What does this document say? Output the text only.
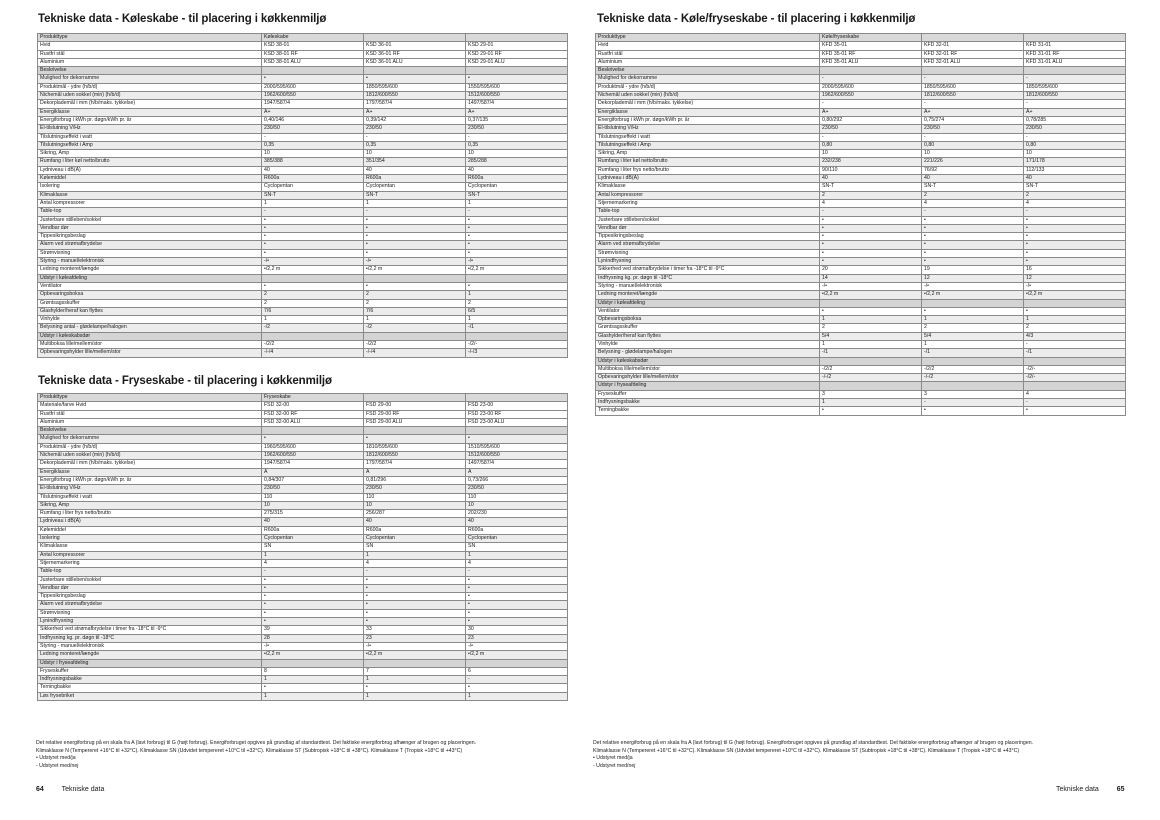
Tekniske data - Køleskabe - til placering i køkkenmiljø
Produkttype	Køleskabe		
Hvid	KSD 38-01	KSD 36-01	KSD 29-01
Rustfri stål	KSD 38-01 RF	KSD 36-01 RF	KSD 29-01 RF
Aluminium	KSD 38-01 ALU	KSD 36-01 ALU	KSD 29-01 ALU
Beskrivelse			
Mulighed for dekorramme	•	•	•
Produktmål - ydre (h/b/d)	2000/595/600	1850/595/600	1550/595/600
Nichemål uden sokkel (min) (h/b/d)	1962/600/550	1812/600/550	1512/600/550
Dekorplademål i mm (h/b/maks. tykkelse)	1947/587/4	1797/587/4	1497/587/4
Energiklasse	A+	A+	A+
Energiforbrug i kWh pr. døgn/kWh pr. år	0,40/146	0,39/142	0,37/135
El-tilslutning V/Hz	230/50	230/50	230/50
Tilslutningseffekt i watt	-	-	-
Tilslutningseffekt i Amp	0,35	0,35	0,35
Sikring, Amp	10	10	10
Rumfang i liter køl netto/brutto	385/388	351/354	285/288
Lydniveau i dB(A)	40	40	40
Kølemiddel	R600a	R600a	R600a
Isolering	Cyclopentan	Cyclopentan	Cyclopentan
Klimaklasse	SN-T	SN-T	SN-T
Antal kompressorer	1	1	1
Table-top	-	-	-
Justerbare stilleben/sokkel	•	•	•
Vendbar dør	•	•	•
Tippesikringsbeslag	•	•	•
Alarm ved strømafbrydelse	•	•	•
Strømvisning	•	•	•
Styring - manuel/elektronisk	-/•	-/•	-/•
Ledning monteret/længde	•/2,2 m	•/2,2 m	•/2,2 m
Udstyr i køleafdeling			
Ventilator	•	•	•
Opbevaringsboksa	2	2	1
Grøntsagsskuffer	2	2	2
Glashylder/heraf kan flyttes	7/6	7/6	6/5
Vinhylde	1	1	1
Belysning antal - glødelampe/halogen	-/2	-/2	-/1
Udstyr i køleskabsdør			
Multiboksa lille/mellem/stor	-/2/2	-/2/2	-/2/-
Opbevaringshylder lille/mellem/stor	-/-/4	-/-/4	-/-/3
Tekniske data - Fryseskabe - til placering i køkkenmiljø
Produkttype	Fryseskabe		
Materiale/farve Hvid	FSD 32-00	FSD 29-00	FSD 23-00
Rustfri stål	FSD 32-00 RF	FSD 29-00 RF	FSD 23-00 RF
Aluminium	FSD 32-00 ALU	FSD 29-00 ALU	FSD 23-00 ALU
Beskrivelse			
Mulighed for dekorramme	•	•	•
Produktmål - ydre (h/b/d)	1960/595/600	1810/595/600	1510/595/600
Nichemål uden sokkel (min) (h/b/d)	1962/600/550	1812/600/550	1512/600/550
Dekorplademål i mm (h/b/maks. tykkelse)	1947/587/4	1797/587/4	1497/587/4
Energiklasse	A	A	A
Energiforbrug i kWh pr. døgn/kWh pr. år	0,84/307	0,81/296	0,73/266
El-tilslutning V/Hz	230/50	230/50	230/50
Tilslutningseffekt i watt	110	110	110
Sikring, Amp	10	10	10
Rumfang i liter frys netto/brutto	275/315	256/287	202/230
Lydniveau i dB(A)	40	40	40
Kølemiddel	R600a	R600a	R600a
Isolering	Cyclopentan	Cyclopentan	Cyclopentan
Klimaklasse	SN	SN	SN
Antal kompressorer	1	1	1
Stjernemarkering	4	4	4
Table-top	-	-	-
Justerbare stilleben/sokkel	•	•	•
Vendbar dør	•	•	•
Tippesikringsbeslag	•	•	•
Alarm ved strømafbrydelse	•	•	•
Strømvisning	•	•	•
Lynindfrysning	•	•	•
Sikkerhed ved strømafbrydelse i timer fra -18°C til -9°C	39	33	30
Indfrysning kg. pr. døgn til -18°C	28	23	23
Styring - manuel/elektronisk	-/•	-/•	-/•
Ledning monteret/længde	•/2,2 m	•/2,2 m	•/2,2 m
Udstyr i fryseafdeling			
Fryseskuffer	8	7	6
Indfrysningsbakke	1	1	-
Terningbakke	•	•	•
Løs frysebriket	1	1	1
Tekniske data - Køle/fryseskabe - til placering i køkkenmiljø
Produkttype	Køle/fryseskabe		
Hvid	KFD 35-01	KFD 32-01	KFD 31-01
Rustfri stål	KFD 35-01 RF	KFD 32-01 RF	KFD 31-01 RF
Aluminium	KFD 35-01 ALU	KFD 32-01 ALU	KFD 31-01 ALU
Beskrivelse			
Mulighed for dekorramme	-	-	-
Produktmål - ydre (h/b/d)	2000/595/600	1850/595/600	1850/595/600
Nichemål uden sokkel (min) (h/b/d)	1962/600/550	1812/600/550	1812/600/550
Dekorplademål i mm (h/b/maks. tykkelse)	-	-	-
Energiklasse	A+	A+	A+
Energiforbrug i kWh pr. døgn/kWh pr. år	0,80/292	0,75/274	0,78/285
El-tilslutning V/Hz	230/50	230/50	230/50
Tilslutningseffekt i watt	-	-	-
Tilslutningseffekt i Amp	0,80	0,80	0,80
Sikring, Amp	10	10	10
Rumfang i liter køl netto/brutto	232/238	221/226	171/178
Rumfang i liter frys netto/brutto	90/110	76/92	112/133
Lydniveau i dB(A)	40	40	40
Klimaklasse	SN-T	SN-T	SN-T
Antal kompressorer	2	2	2
Stjernemarkering	4	4	4
Table-top	-	-	-
Justerbare stilleben/sokkel	•	•	•
Vendbar dør	•	•	•
Tippesikringsbeslag	•	•	•
Alarm ved strømafbrydelse	•	•	•
Strømvisning	•	•	•
Lynindfrysning	•	•	•
Sikkerhed ved strømafbrydelse i timer fra -18°C til -9°C	20	19	16
Indfrysning kg. pr. døgn til -18°C	14	12	12
Styring - manuel/elektronisk	-/•	-/•	-/•
Ledning monteret/længde	•/2,2 m	•/2,2 m	•/2,2 m
Udstyr i køleafdeling			
Ventilator	•	•	•
Opbevaringsboksa	1	1	1
Grøntsagsskuffer	2	2	2
Glashylder/heraf kan flyttes	5/4	5/4	4/3
Vinhylde	1	1	-
Belysning - glødelampe/halogen	-/1	-/1	-/1
Udstyr i køleskabsdør			
Multiboksa lille/mellem/stor	-/2/2	-/2/2	-/2/-
Opbevaringshylder lille/mellem/stor	-/-/2	-/-/2	-/2/-
Udstyr i fryseafdeling			
Fryseskuffer	3	3	4
Indfrysningsbakke	1	-	-
Terningbakke	•	•	•
Det relative energiforbrug på en skala fra A (lavt forbrug) til G (højt forbrug). Energiforbruget opgives på grundlag af standardtest. Det faktiske energiforbrug afhænger af brugen og placeringen.
Klimaklasse N (Tempereret +16°C til +32°C). Klimaklasse SN (Udvidet tempereret +10°C til +32°C). Klimaklasse ST (Subtropisk +18°C til +38°C). Klimaklasse T (Tropisk +18°C til +43°C)
• Udstyret med/ja
- Udstyret med/nej
Det relative energiforbrug på en skala fra A (lavt forbrug) til G (højt forbrug). Energiforbruget opgives på grundlag af standardtest. Det faktiske energiforbrug afhænger af brugen og placeringen.
Klimaklasse N (Tempereret +16°C til +32°C). Klimaklasse SN (Udvidet tempereret +10°C til +32°C). Klimaklasse ST (Subtropisk +18°C til +38°C). Klimaklasse T (Tropisk +18°C til +43°C)
• Udstyret med/ja
- Udstyret med/nej
64	Tekniske data	Tekniske data	65
